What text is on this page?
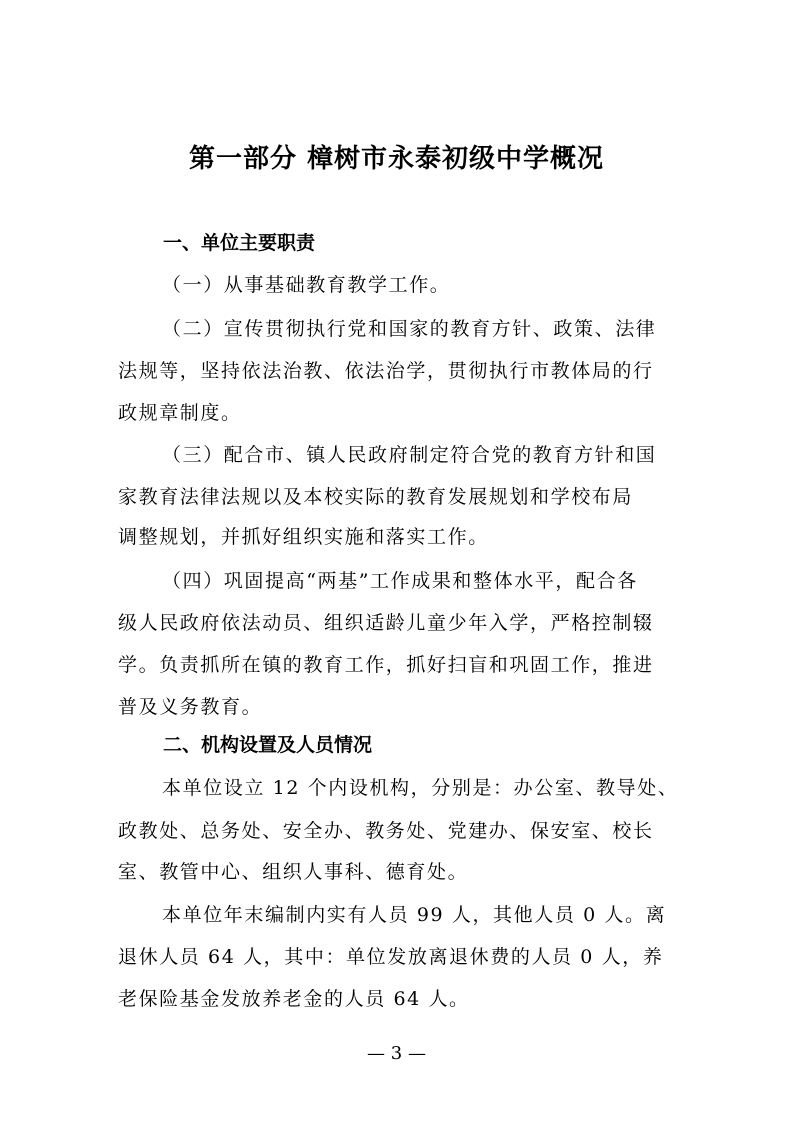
第一部分 樟树市永泰初级中学概况
一、单位主要职责
（一）从事基础教育教学工作。
（二）宣传贯彻执行党和国家的教育方针、政策、法律
法规等，坚持依法治教、依法治学，贯彻执行市教体局的行
政规章制度。
（三）配合市、镇人民政府制定符合党的教育方针和国
家教育法律法规以及本校实际的教育发展规划和学校布局
调整规划，并抓好组织实施和落实工作。
（四）巩固提高“两基”工作成果和整体水平，配合各
级人民政府依法动员、组织适龄儿童少年入学，严格控制辍
学。负责抓所在镇的教育工作，抓好扫盲和巩固工作，推进
普及义务教育。
二、机构设置及人员情况
本单位设立 12 个内设机构，分别是：办公室、教导处、
政教处、总务处、安全办、教务处、党建办、保安室、校长
室、教管中心、组织人事科、德育处。
本单位年末编制内实有人员 99 人，其他人员 0 人。离
退休人员 64 人，其中：单位发放离退休费的人员 0 人，养
老保险基金发放养老金的人员 64 人。
— 3 —
